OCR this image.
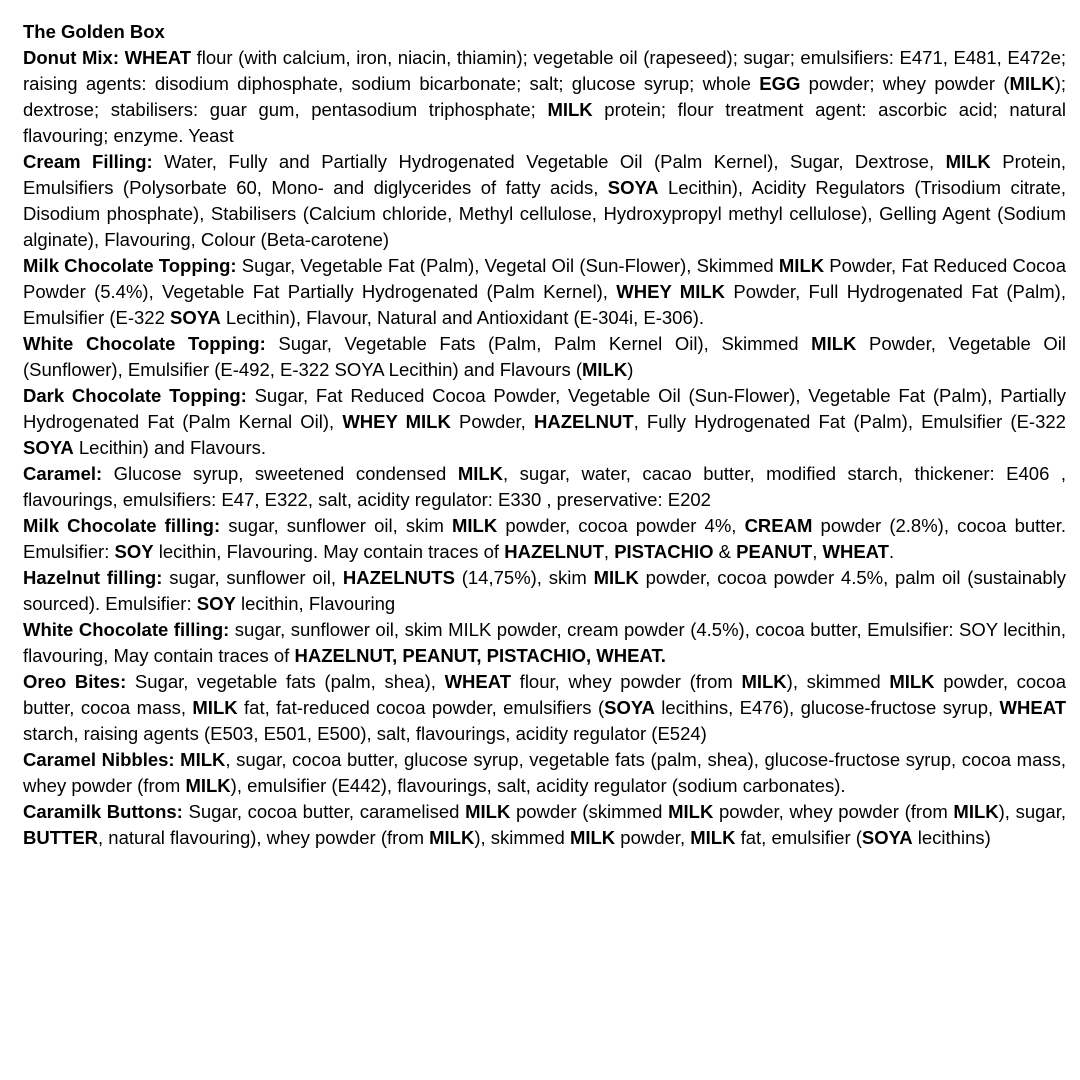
The Golden Box

Donut Mix: WHEAT flour (with calcium, iron, niacin, thiamin); vegetable oil (rapeseed); sugar; emulsifiers: E471, E481, E472e; raising agents: disodium diphosphate, sodium bicarbonate; salt; glucose syrup; whole EGG powder; whey powder (MILK); dextrose; stabilisers: guar gum, pentasodium triphosphate; MILK protein; flour treatment agent: ascorbic acid; natural flavouring; enzyme. Yeast

Cream Filling: Water, Fully and Partially Hydrogenated Vegetable Oil (Palm Kernel), Sugar, Dextrose, MILK Protein, Emulsifiers (Polysorbate 60, Mono- and diglycerides of fatty acids, SOYA Lecithin), Acidity Regulators (Trisodium citrate, Disodium phosphate), Stabilisers (Calcium chloride, Methyl cellulose, Hydroxypropyl methyl cellulose), Gelling Agent (Sodium alginate), Flavouring, Colour (Beta-carotene)

Milk Chocolate Topping: Sugar, Vegetable Fat (Palm), Vegetal Oil (Sun-Flower), Skimmed MILK Powder, Fat Reduced Cocoa Powder (5.4%), Vegetable Fat Partially Hydrogenated (Palm Kernel), WHEY MILK Powder, Full Hydrogenated Fat (Palm), Emulsifier (E-322 SOYA Lecithin), Flavour, Natural and Antioxidant (E-304i, E-306).

White Chocolate Topping: Sugar, Vegetable Fats (Palm, Palm Kernel Oil), Skimmed MILK Powder, Vegetable Oil (Sunflower), Emulsifier (E-492, E-322 SOYA Lecithin) and Flavours (MILK)

Dark Chocolate Topping: Sugar, Fat Reduced Cocoa Powder, Vegetable Oil (Sun-Flower), Vegetable Fat (Palm), Partially Hydrogenated Fat (Palm Kernal Oil), WHEY MILK Powder, HAZELNUT, Fully Hydrogenated Fat (Palm), Emulsifier (E-322 SOYA Lecithin) and Flavours.

Caramel: Glucose syrup, sweetened condensed MILK, sugar, water, cacao butter, modified starch, thickener: E406 , flavourings, emulsifiers: E47, E322, salt, acidity regulator: E330 , preservative: E202

Milk Chocolate filling: sugar, sunflower oil, skim MILK powder, cocoa powder 4%, CREAM powder (2.8%), cocoa butter. Emulsifier: SOY lecithin, Flavouring. May contain traces of HAZELNUT, PISTACHIO & PEANUT, WHEAT.

Hazelnut filling: sugar, sunflower oil, HAZELNUTS (14,75%), skim MILK powder, cocoa powder 4.5%, palm oil (sustainably sourced). Emulsifier: SOY lecithin, Flavouring

White Chocolate filling: sugar, sunflower oil, skim MILK powder, cream powder (4.5%), cocoa butter, Emulsifier: SOY lecithin, flavouring, May contain traces of HAZELNUT, PEANUT, PISTACHIO, WHEAT.

Oreo Bites: Sugar, vegetable fats (palm, shea), WHEAT flour, whey powder (from MILK), skimmed MILK powder, cocoa butter, cocoa mass, MILK fat, fat-reduced cocoa powder, emulsifiers (SOYA lecithins, E476), glucose-fructose syrup, WHEAT starch, raising agents (E503, E501, E500), salt, flavourings, acidity regulator (E524)

Caramel Nibbles: MILK, sugar, cocoa butter, glucose syrup, vegetable fats (palm, shea), glucose-fructose syrup, cocoa mass, whey powder (from MILK), emulsifier (E442), flavourings, salt, acidity regulator (sodium carbonates).

Caramilk Buttons: Sugar, cocoa butter, caramelised MILK powder (skimmed MILK powder, whey powder (from MILK), sugar, BUTTER, natural flavouring), whey powder (from MILK), skimmed MILK powder, MILK fat, emulsifier (SOYA lecithins)
